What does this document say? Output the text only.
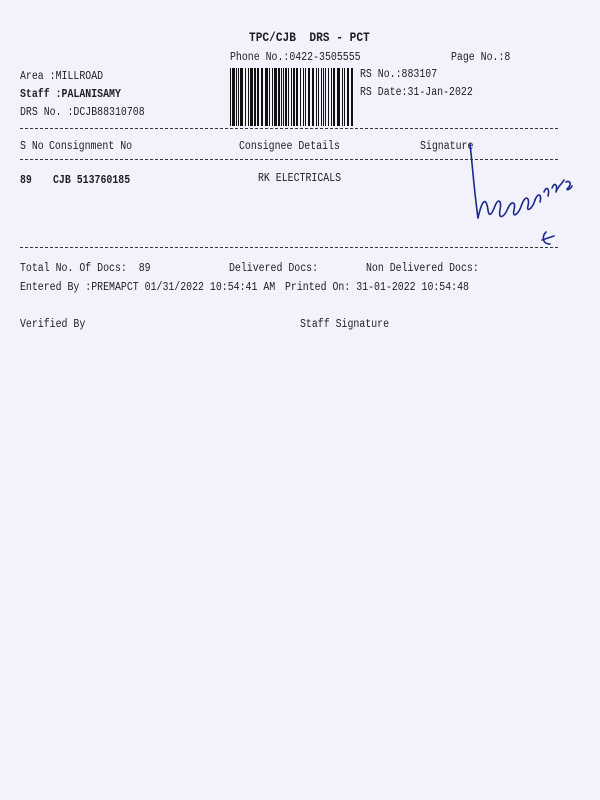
TPC/CJB  DRS - PCT
Phone No.:0422-3505555	Page No.:8
Area :MILLROAD
Staff :PALANISAMY
DRS No. :DCJB88310708
RS No.:883107
RS Date:31-Jan-2022
S No Consignment No	Consignee Details	Signature
89 CJB 513760185	RK ELECTRICALS
Total No. Of Docs:  89	Delivered Docs:	Non Delivered Docs:
Entered By :PREMAPCT 01/31/2022 10:54:41 AM Printed On: 31-01-2022 10:54:48
Verified By	Staff Signature
